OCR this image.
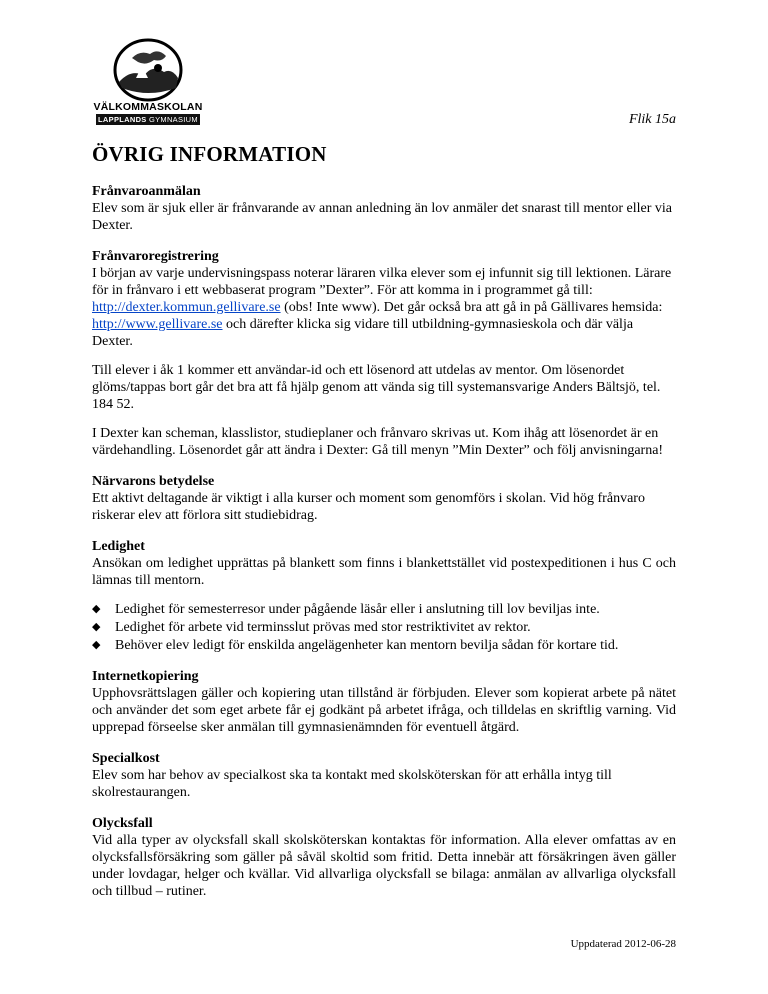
VÄLKOMMASKOLAN
LAPPLANDS GYMNASIUM	Flik 15a
ÖVRIG INFORMATION
Frånvaroanmälan

Elev som är sjuk eller är frånvarande av annan anledning än lov anmäler det snarast till mentor eller via Dexter.

Frånvaroregistrering

I början av varje undervisningspass noterar läraren vilka elever som ej infunnit sig till lektionen. Lärare för in frånvaro i ett webbaserat program ”Dexter”. För att komma in i programmet gå till: http://dexter.kommun.gellivare.se (obs! Inte www). Det går också bra att gå in på Gällivares hemsida: http://www.gellivare.se och därefter klicka sig vidare till utbildning-gymnasieskola och där välja Dexter.

Till elever i åk 1 kommer ett användar-id och ett lösenord att utdelas av mentor. Om lösenordet glöms/tappas bort går det bra att få hjälp genom att vända sig till systemansvarige Anders Bältsjö, tel. 184 52.

I Dexter kan scheman, klasslistor, studieplaner och frånvaro skrivas ut. Kom ihåg att lösenordet är en värdehandling. Lösenordet går att ändra i Dexter: Gå till menyn ”Min Dexter” och följ anvisningarna!

Närvarons betydelse

Ett aktivt deltagande är viktigt i alla kurser och moment som genomförs i skolan. Vid hög frånvaro riskerar elev att förlora sitt studiebidrag.

Ledighet

Ansökan om ledighet upprättas på blankett som finns i blankettstället vid postexpeditionen i hus C och lämnas till mentorn.

◆ Ledighet för semesterresor under pågående läsår eller i anslutning till lov beviljas inte.
◆ Ledighet för arbete vid terminsslut prövas med stor restriktivitet av rektor.
◆ Behöver elev ledigt för enskilda angelägenheter kan mentorn bevilja sådan för kortare tid.
Internetkopiering

Upphovsrättslagen gäller och kopiering utan tillstånd är förbjuden. Elever som kopierat arbete på nätet och använder det som eget arbete får ej godkänt på arbetet ifråga, och tilldelas en skriftlig varning. Vid upprepad förseelse sker anmälan till gymnasienämnden för eventuell åtgärd.

Specialkost

Elev som har behov av specialkost ska ta kontakt med skolsköterskan för att erhålla intyg till skolrestaurangen.

Olycksfall

Vid alla typer av olycksfall skall skolsköterskan kontaktas för information. Alla elever omfattas av en olycksfallsförsäkring som gäller på såväl skoltid som fritid. Detta innebär att försäkringen även gäller under lovdagar, helger och kvällar. Vid allvarliga olycksfall se bilaga: anmälan av allvarliga olycksfall och tillbud – rutiner.

Uppdaterad 2012-06-28
